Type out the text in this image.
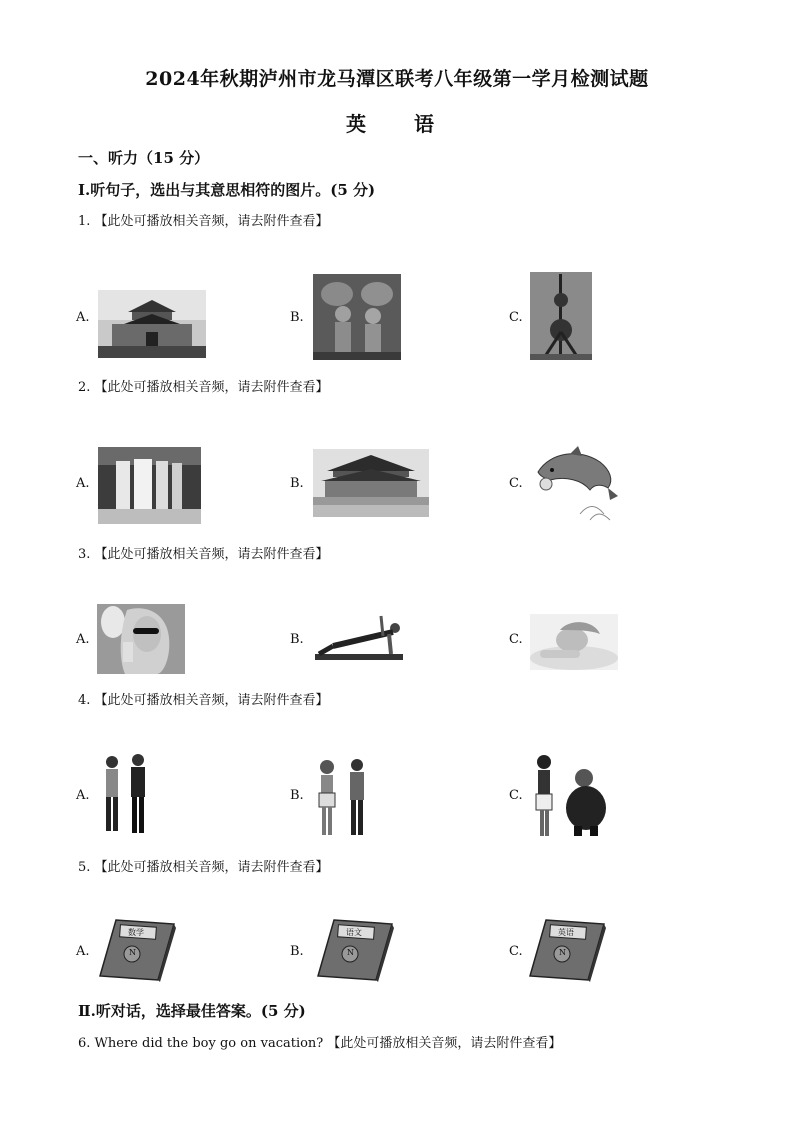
2024年秋期泸州市龙马潭区联考八年级第一学月检测试题
英　语
一、听力（15 分）
Ⅰ.听句子，选出与其意思相符的图片。(5 分)
1. 【此处可播放相关音频，请去附件查看】
A.	B.	C.
2. 【此处可播放相关音频，请去附件查看】
A.	B.	C.
3. 【此处可播放相关音频，请去附件查看】
A.	B.	C.
4. 【此处可播放相关音频，请去附件查看】
A.	B.	C.
5. 【此处可播放相关音频，请去附件查看】
A.	B.	C.
数学
N
语文
N
英语
N
Ⅱ.听对话，选择最佳答案。(5 分)
6. Where did the boy go on vacation? 【此处可播放相关音频，请去附件查看】
